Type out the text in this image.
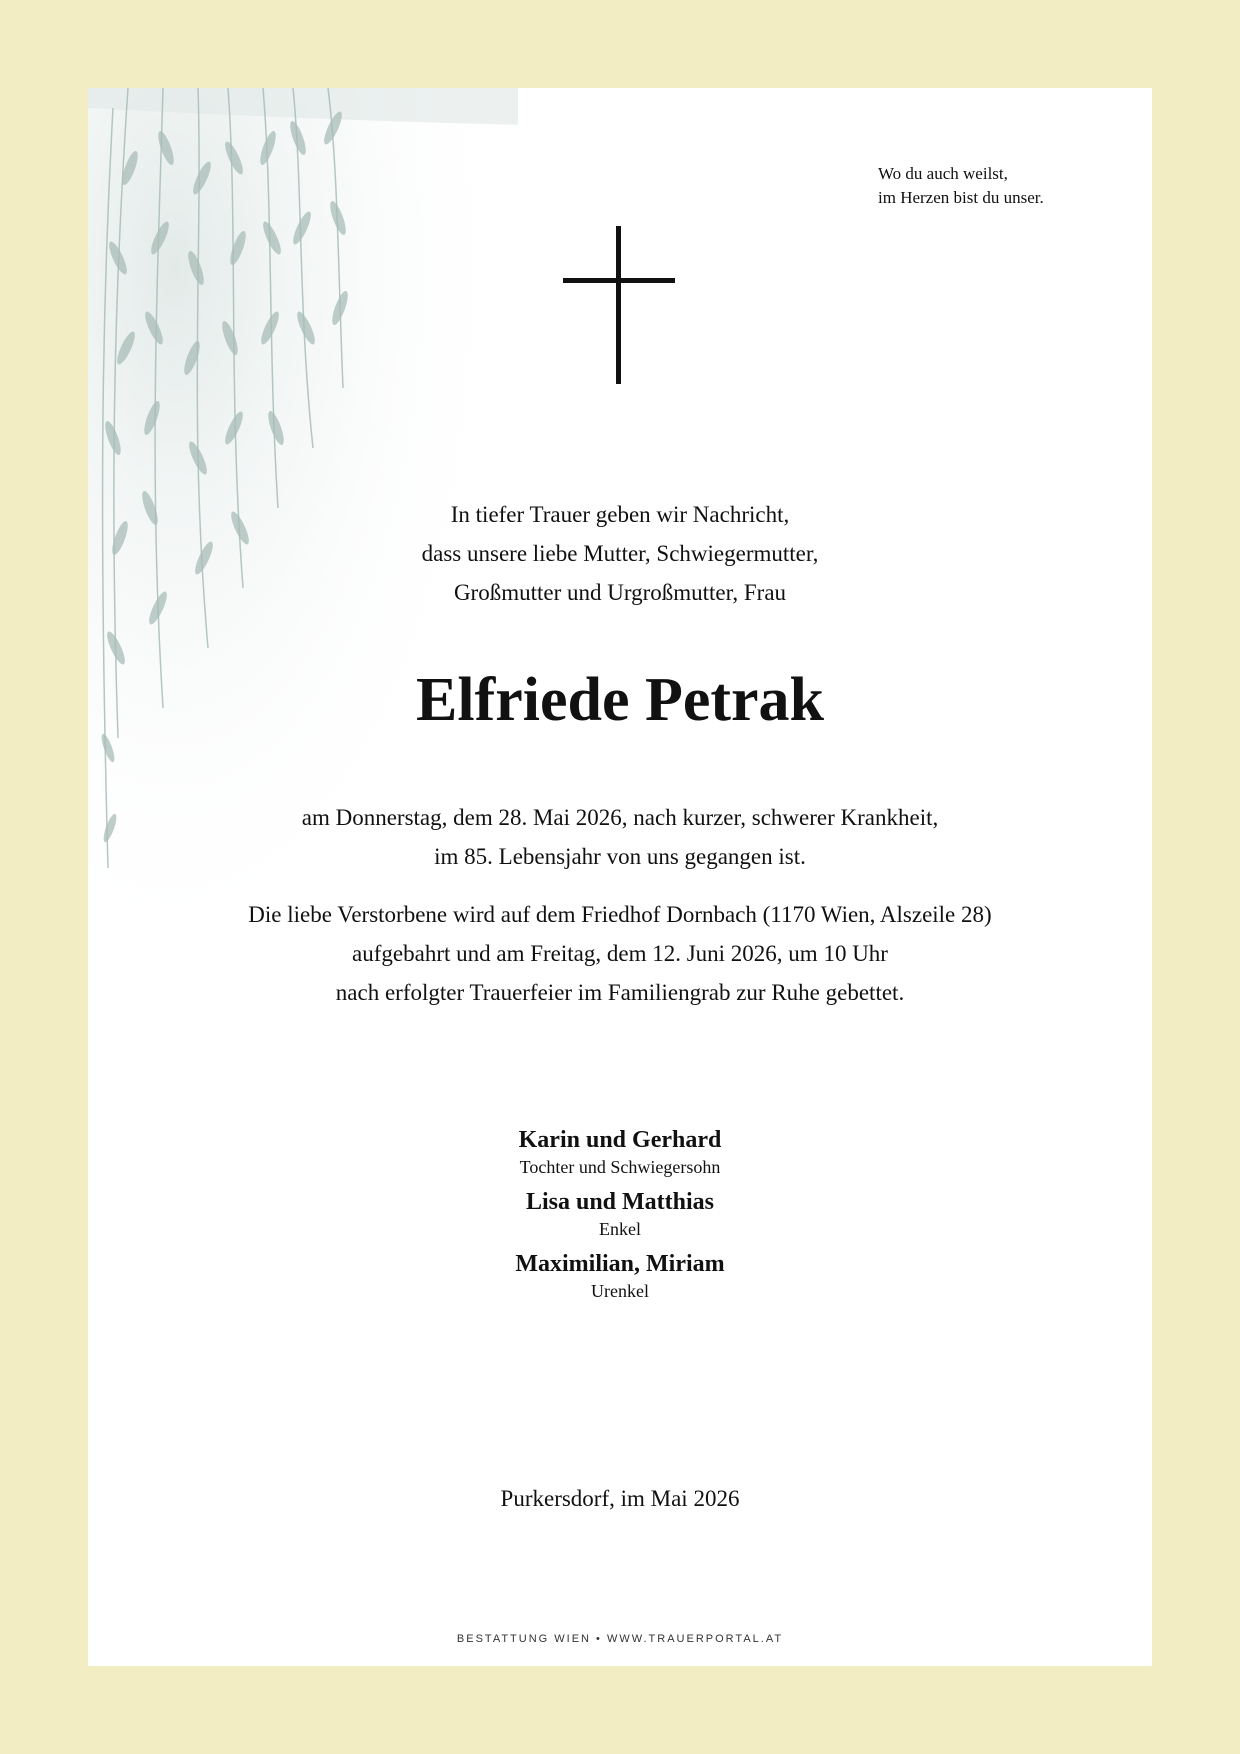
Wo du auch weilst,
im Herzen bist du unser.
In tiefer Trauer geben wir Nachricht,
dass unsere liebe Mutter, Schwiegermutter,
Großmutter und Urgroßmutter, Frau
Elfriede Petrak
am Donnerstag, dem 28. Mai 2026, nach kurzer, schwerer Krankheit,
im 85. Lebensjahr von uns gegangen ist.
Die liebe Verstorbene wird auf dem Friedhof Dornbach (1170 Wien, Alszeile 28)
aufgebahrt und am Freitag, dem 12. Juni 2026, um 10 Uhr
nach erfolgter Trauerfeier im Familiengrab zur Ruhe gebettet.
Karin und Gerhard
Tochter und Schwiegersohn
Lisa und Matthias
Enkel
Maximilian, Miriam
Urenkel
Purkersdorf, im Mai 2026
BESTATTUNG WIEN • WWW.TRAUERPORTAL.AT
